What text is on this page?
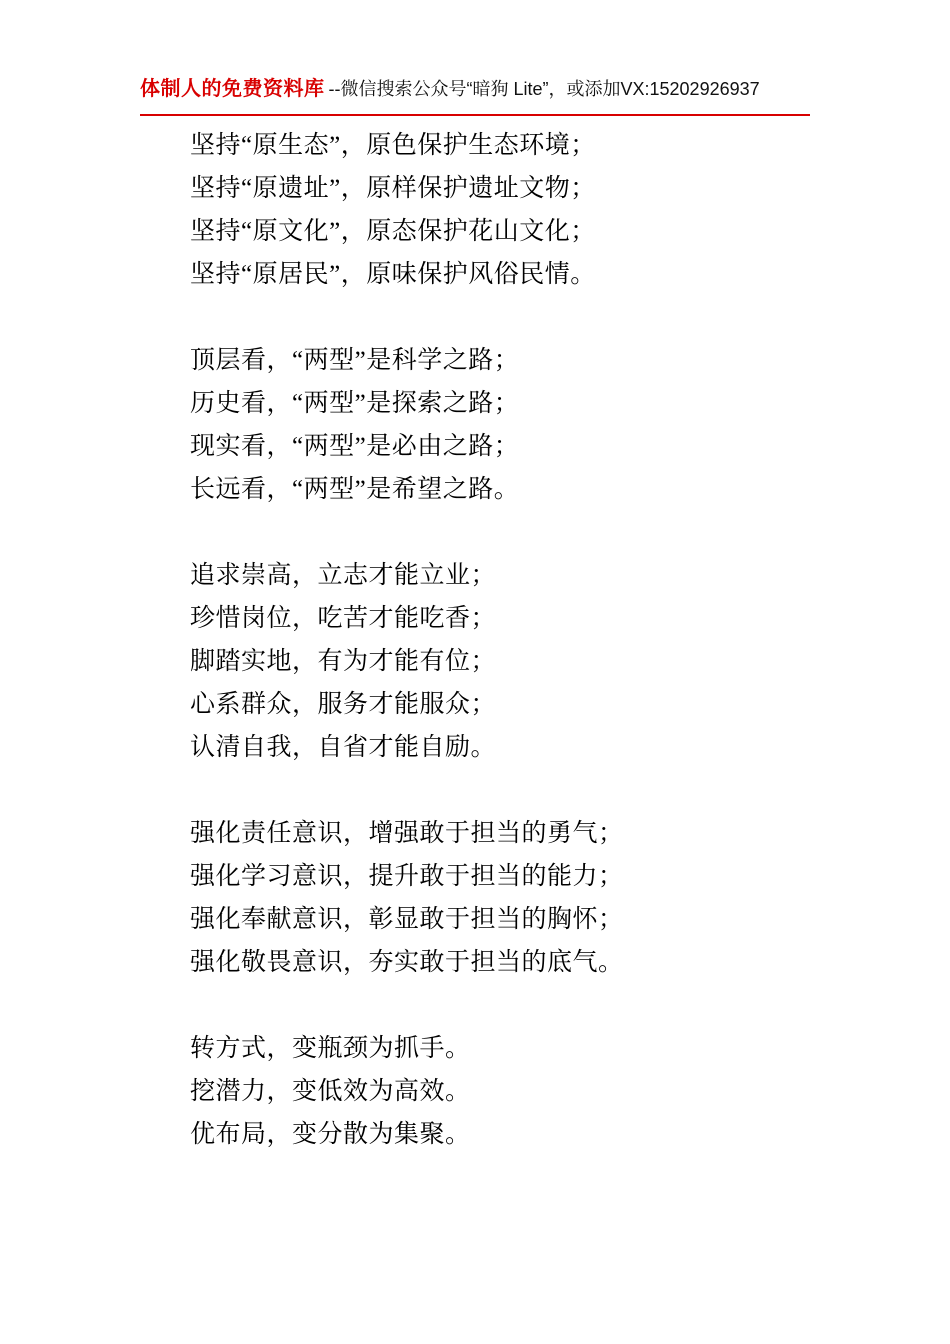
体制人的免费资料库 --微信搜索公众号“暗狗 Lite”，或添加VX:15202926937
坚持“原生态”，原色保护生态环境；
坚持“原遗址”，原样保护遗址文物；
坚持“原文化”，原态保护花山文化；
坚持“原居民”，原味保护风俗民情。
顶层看，“两型”是科学之路；
历史看，“两型”是探索之路；
现实看，“两型”是必由之路；
长远看，“两型”是希望之路。
追求崇高，立志才能立业；
珍惜岗位，吃苦才能吃香；
脚踏实地，有为才能有位；
心系群众，服务才能服众；
认清自我，自省才能自励。
强化责任意识，增强敢于担当的勇气；
强化学习意识，提升敢于担当的能力；
强化奉献意识，彰显敢于担当的胸怀；
强化敬畏意识，夯实敢于担当的底气。
转方式，变瓶颈为抓手。
挖潜力，变低效为高效。
优布局，变分散为集聚。
